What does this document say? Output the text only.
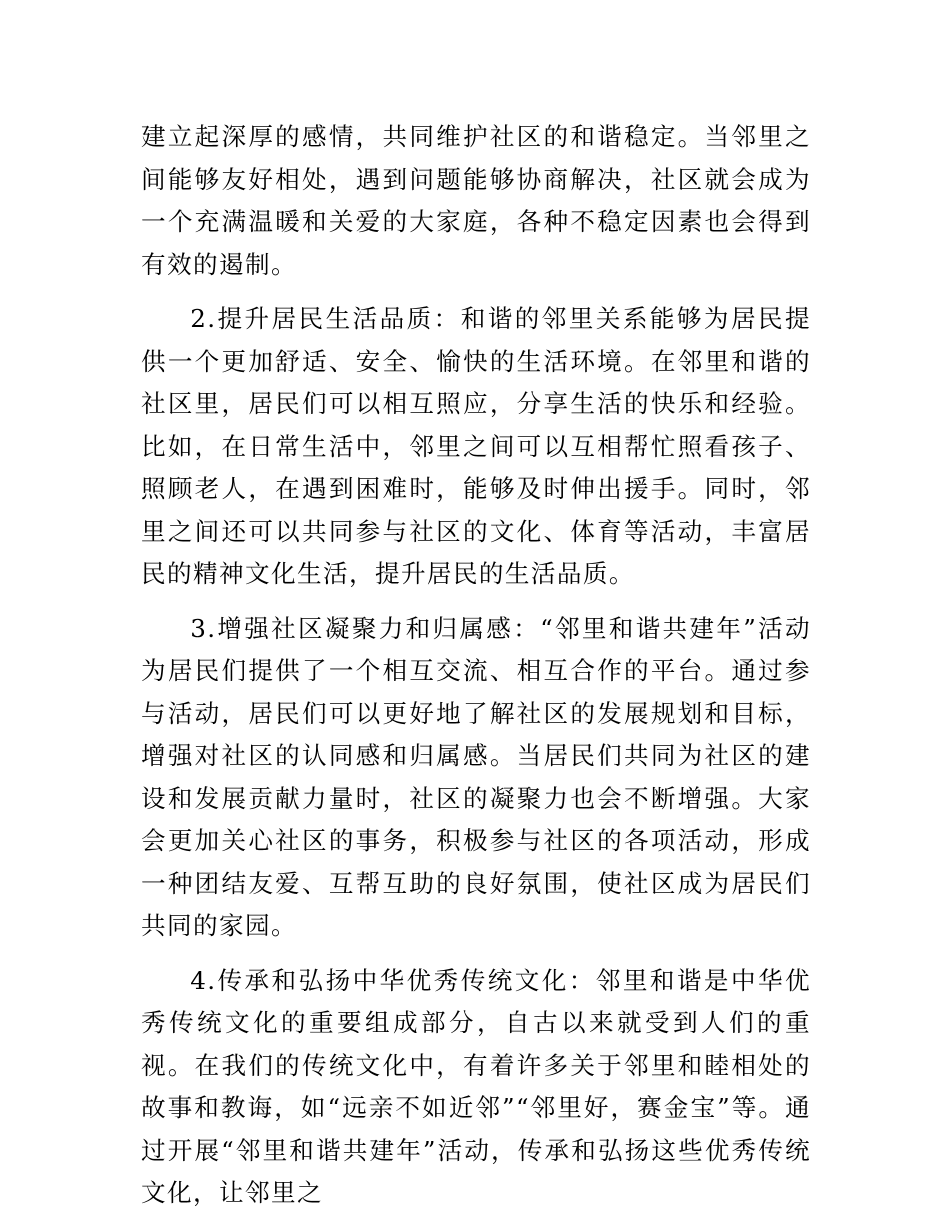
建立起深厚的感情，共同维护社区的和谐稳定。当邻里之间能够友好相处，遇到问题能够协商解决，社区就会成为一个充满温暖和关爱的大家庭，各种不稳定因素也会得到有效的遏制。

2.提升居民生活品质：和谐的邻里关系能够为居民提供一个更加舒适、安全、愉快的生活环境。在邻里和谐的社区里，居民们可以相互照应，分享生活的快乐和经验。比如，在日常生活中，邻里之间可以互相帮忙照看孩子、照顾老人，在遇到困难时，能够及时伸出援手。同时，邻里之间还可以共同参与社区的文化、体育等活动，丰富居民的精神文化生活，提升居民的生活品质。

3.增强社区凝聚力和归属感：“邻里和谐共建年”活动为居民们提供了一个相互交流、相互合作的平台。通过参与活动，居民们可以更好地了解社区的发展规划和目标，增强对社区的认同感和归属感。当居民们共同为社区的建设和发展贡献力量时，社区的凝聚力也会不断增强。大家会更加关心社区的事务，积极参与社区的各项活动，形成一种团结友爱、互帮互助的良好氛围，使社区成为居民们共同的家园。

4.传承和弘扬中华优秀传统文化：邻里和谐是中华优秀传统文化的重要组成部分，自古以来就受到人们的重视。在我们的传统文化中，有着许多关于邻里和睦相处的故事和教诲，如“远亲不如近邻”“邻里好，赛金宝”等。通过开展“邻里和谐共建年”活动，传承和弘扬这些优秀传统文化，让邻里之
